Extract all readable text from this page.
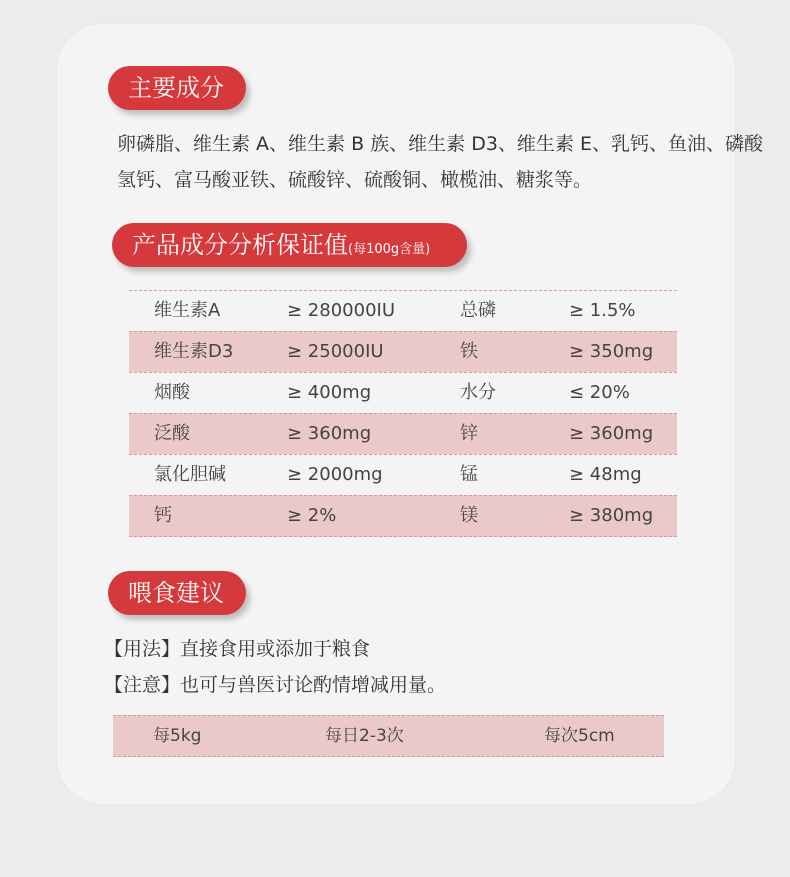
主要成分
卵磷脂、维生素 A、维生素 B 族、维生素 D3、维生素 E、乳钙、鱼油、磷酸
氢钙、富马酸亚铁、硫酸锌、硫酸铜、橄榄油、糖浆等。
产品成分分析保证值(每100g含量)
维生素A	≥ 280000IU	总磷	≥ 1.5%
维生素D3	≥ 25000IU	铁	≥ 350mg
烟酸	≥ 400mg	水分	≤ 20%
泛酸	≥ 360mg	锌	≥ 360mg
氯化胆碱	≥ 2000mg	锰	≥ 48mg
钙	≥ 2%	镁	≥ 380mg
喂食建议
【用法】直接食用或添加于粮食
【注意】也可与兽医讨论酌情增减用量。
每5kg	每日2-3次	每次5cm
